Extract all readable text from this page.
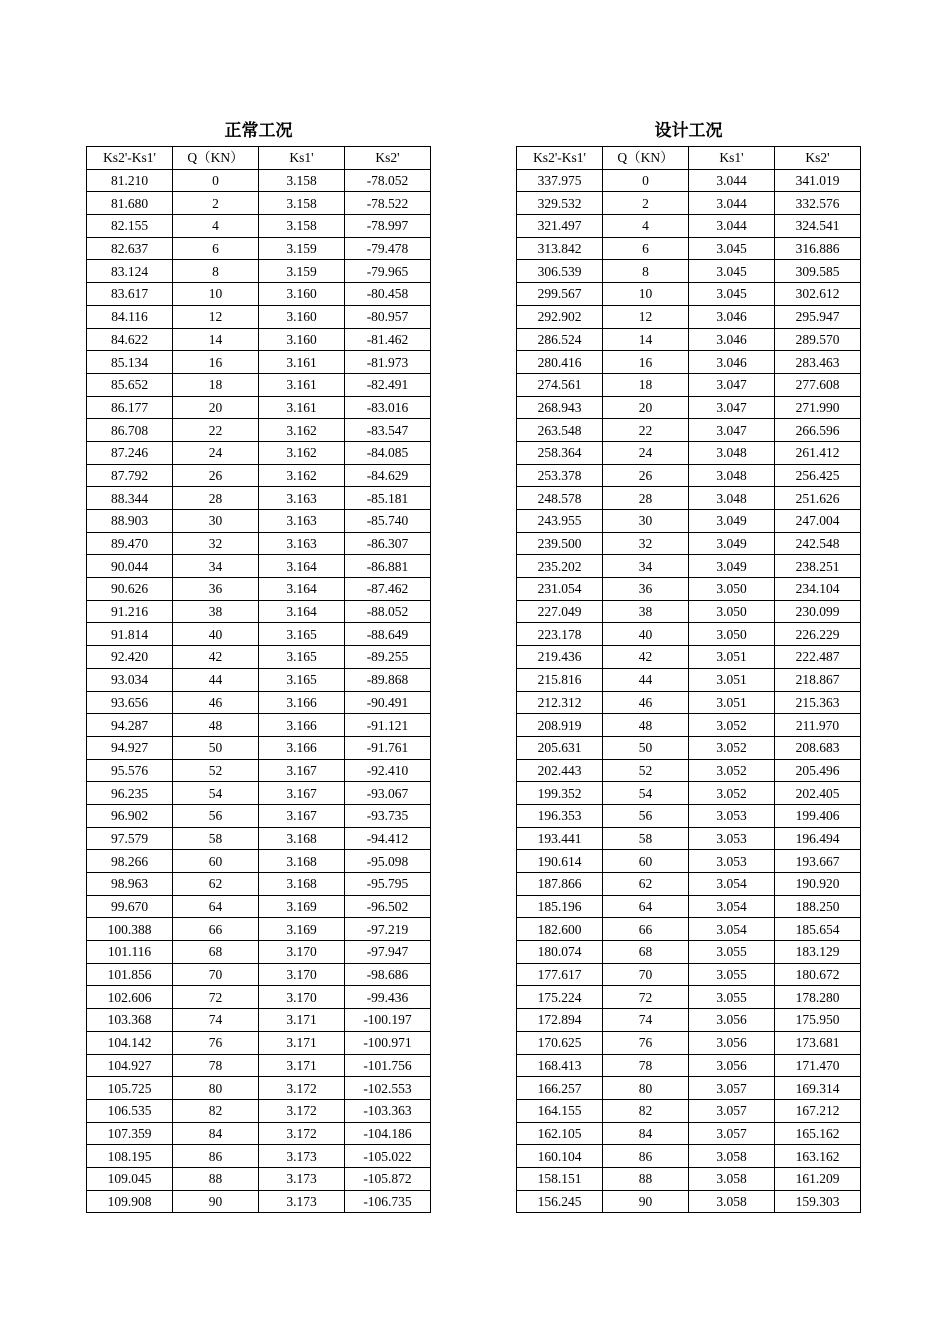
正常工况
Ks2'-Ks1'	Q（KN）	Ks1'	Ks2'
81.210	0	3.158	-78.052
81.680	2	3.158	-78.522
82.155	4	3.158	-78.997
82.637	6	3.159	-79.478
83.124	8	3.159	-79.965
83.617	10	3.160	-80.458
84.116	12	3.160	-80.957
84.622	14	3.160	-81.462
85.134	16	3.161	-81.973
85.652	18	3.161	-82.491
86.177	20	3.161	-83.016
86.708	22	3.162	-83.547
87.246	24	3.162	-84.085
87.792	26	3.162	-84.629
88.344	28	3.163	-85.181
88.903	30	3.163	-85.740
89.470	32	3.163	-86.307
90.044	34	3.164	-86.881
90.626	36	3.164	-87.462
91.216	38	3.164	-88.052
91.814	40	3.165	-88.649
92.420	42	3.165	-89.255
93.034	44	3.165	-89.868
93.656	46	3.166	-90.491
94.287	48	3.166	-91.121
94.927	50	3.166	-91.761
95.576	52	3.167	-92.410
96.235	54	3.167	-93.067
96.902	56	3.167	-93.735
97.579	58	3.168	-94.412
98.266	60	3.168	-95.098
98.963	62	3.168	-95.795
99.670	64	3.169	-96.502
100.388	66	3.169	-97.219
101.116	68	3.170	-97.947
101.856	70	3.170	-98.686
102.606	72	3.170	-99.436
103.368	74	3.171	-100.197
104.142	76	3.171	-100.971
104.927	78	3.171	-101.756
105.725	80	3.172	-102.553
106.535	82	3.172	-103.363
107.359	84	3.172	-104.186
108.195	86	3.173	-105.022
109.045	88	3.173	-105.872
109.908	90	3.173	-106.735
设计工况
Ks2'-Ks1'	Q（KN）	Ks1'	Ks2'
337.975	0	3.044	341.019
329.532	2	3.044	332.576
321.497	4	3.044	324.541
313.842	6	3.045	316.886
306.539	8	3.045	309.585
299.567	10	3.045	302.612
292.902	12	3.046	295.947
286.524	14	3.046	289.570
280.416	16	3.046	283.463
274.561	18	3.047	277.608
268.943	20	3.047	271.990
263.548	22	3.047	266.596
258.364	24	3.048	261.412
253.378	26	3.048	256.425
248.578	28	3.048	251.626
243.955	30	3.049	247.004
239.500	32	3.049	242.548
235.202	34	3.049	238.251
231.054	36	3.050	234.104
227.049	38	3.050	230.099
223.178	40	3.050	226.229
219.436	42	3.051	222.487
215.816	44	3.051	218.867
212.312	46	3.051	215.363
208.919	48	3.052	211.970
205.631	50	3.052	208.683
202.443	52	3.052	205.496
199.352	54	3.052	202.405
196.353	56	3.053	199.406
193.441	58	3.053	196.494
190.614	60	3.053	193.667
187.866	62	3.054	190.920
185.196	64	3.054	188.250
182.600	66	3.054	185.654
180.074	68	3.055	183.129
177.617	70	3.055	180.672
175.224	72	3.055	178.280
172.894	74	3.056	175.950
170.625	76	3.056	173.681
168.413	78	3.056	171.470
166.257	80	3.057	169.314
164.155	82	3.057	167.212
162.105	84	3.057	165.162
160.104	86	3.058	163.162
158.151	88	3.058	161.209
156.245	90	3.058	159.303
